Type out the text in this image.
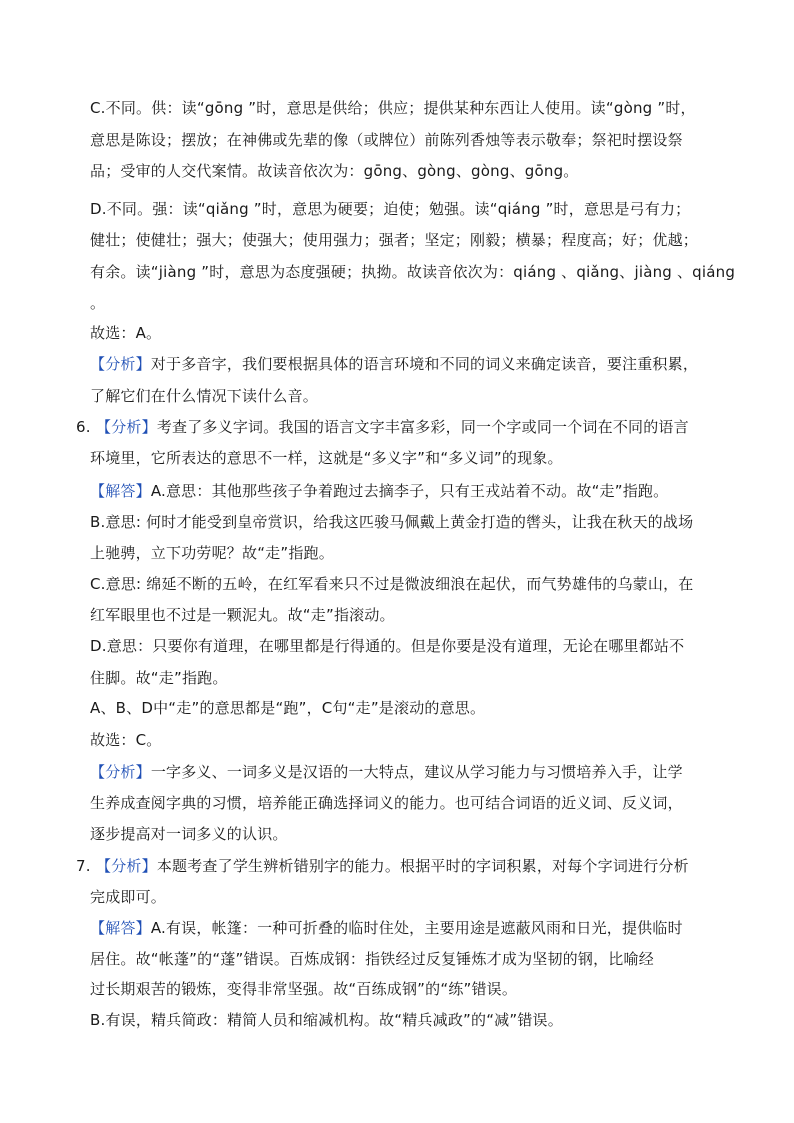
C.不同。供：读“gōng ”时，意思是供给；供应；提供某种东西让人使用。读“gòng ”时，
意思是陈设；摆放；在神佛或先辈的像（或牌位）前陈列香烛等表示敬奉；祭祀时摆设祭
品；受审的人交代案情。故读音依次为：gōng、gòng、gòng、gōng。
D.不同。强：读“qiǎng ”时，意思为硬要；迫使；勉强。读“qiáng ”时，意思是弓有力；
健壮；使健壮；强大；使强大；使用强力；强者；坚定；刚毅；横暴；程度高；好；优越；
有余。读“jiàng ”时，意思为态度强硬；执拗。故读音依次为：qiáng 、qiǎng、jiàng 、qiáng
。
故选：A。
【分析】对于多音字，我们要根据具体的语言环境和不同的词义来确定读音，要注重积累，
了解它们在什么情况下读什么音。
6. 【分析】考查了多义字词。我国的语言文字丰富多彩，同一个字或同一个词在不同的语言
环境里，它所表达的意思不一样，这就是“多义字”和“多义词”的现象。
【解答】A.意思：其他那些孩子争着跑过去摘李子，只有王戎站着不动。故“走”指跑。
B.意思: 何时才能受到皇帝赏识，给我这匹骏马佩戴上黄金打造的辔头，让我在秋天的战场
上驰骋，立下功劳呢？故“走”指跑。
C.意思: 绵延不断的五岭，在红军看来只不过是微波细浪在起伏，而气势雄伟的乌蒙山，在
红军眼里也不过是一颗泥丸。故“走”指滚动。
D.意思：只要你有道理，在哪里都是行得通的。但是你要是没有道理，无论在哪里都站不
住脚。故“走”指跑。
A、B、D中“走”的意思都是“跑”，C句“走”是滚动的意思。
故选：C。
【分析】一字多义、一词多义是汉语的一大特点，建议从学习能力与习惯培养入手，让学
生养成查阅字典的习惯，培养能正确选择词义的能力。也可结合词语的近义词、反义词，
逐步提高对一词多义的认识。
7. 【分析】本题考查了学生辨析错别字的能力。根据平时的字词积累，对每个字词进行分析
完成即可。
【解答】A.有误，帐篷：一种可折叠的临时住处，主要用途是遮蔽风雨和日光，提供临时
居住。故“帐蓬”的“蓬”错误。百炼成钢：指铁经过反复锤炼才成为坚韧的钢，比喻经
过长期艰苦的锻炼，变得非常坚强。故“百练成钢”的“练”错误。
B.有误，精兵简政：精简人员和缩减机构。故“精兵减政”的“减”错误。
